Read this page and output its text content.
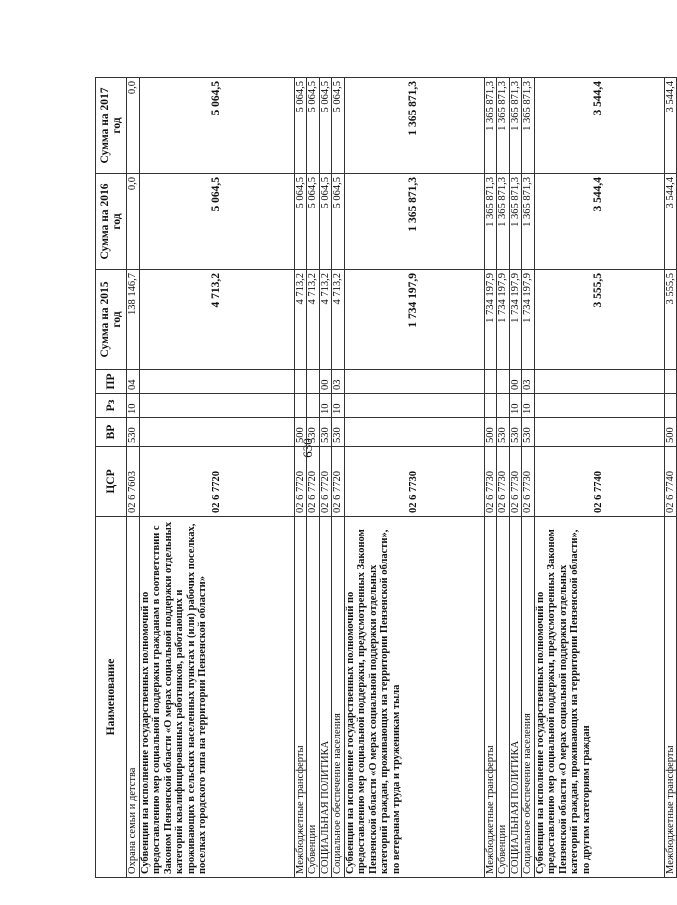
630
Наименование	ЦСР	ВР	Рз	ПР	Сумма на 2015 год	Сумма на 2016 год	Сумма на 2017 год
Охрана семьи и детства	02 6 7603	530	10	04	138 146,7	0,0	0,0
Субвенции на исполнение государственных полномочий по предоставлению мер социальной поддержки гражданам в соответствии с Законом Пензенской области «О мерах социальной поддержки отдельных категорий квалифицированных работников, работающих и проживающих в сельских населенных пунктах и (или) рабочих поселках, поселках городского типа на территории Пензенской области»	02 6 7720				4 713,2	5 064,5	5 064,5
Межбюджетные трансферты	02 6 7720	500			4 713,2	5 064,5	5 064,5
Субвенции	02 6 7720	530			4 713,2	5 064,5	5 064,5
СОЦИАЛЬНАЯ ПОЛИТИКА	02 6 7720	530	10	00	4 713,2	5 064,5	5 064,5
Социальное обеспечение населения	02 6 7720	530	10	03	4 713,2	5 064,5	5 064,5
Субвенции на исполнение государственных полномочий по предоставлению мер социальной поддержки, предусмотренных Законом Пензенской области «О мерах социальной поддержки отдельных категорий граждан, проживающих на территории Пензенской области», по ветеранам труда и труженикам тыла	02 6 7730				1 734 197,9	1 365 871,3	1 365 871,3
Межбюджетные трансферты	02 6 7730	500			1 734 197,9	1 365 871,3	1 365 871,3
Субвенции	02 6 7730	530			1 734 197,9	1 365 871,3	1 365 871,3
СОЦИАЛЬНАЯ ПОЛИТИКА	02 6 7730	530	10	00	1 734 197,9	1 365 871,3	1 365 871,3
Социальное обеспечение населения	02 6 7730	530	10	03	1 734 197,9	1 365 871,3	1 365 871,3
Субвенции на исполнение государственных полномочий по предоставлению мер социальной поддержки, предусмотренных Законом Пензенской области «О мерах социальной поддержки отдельных категорий граждан, проживающих на территории Пензенской области», по другим категориям граждан	02 6 7740				3 555,5	3 544,4	3 544,4
Межбюджетные трансферты	02 6 7740	500			3 555,5	3 544,4	3 544,4
